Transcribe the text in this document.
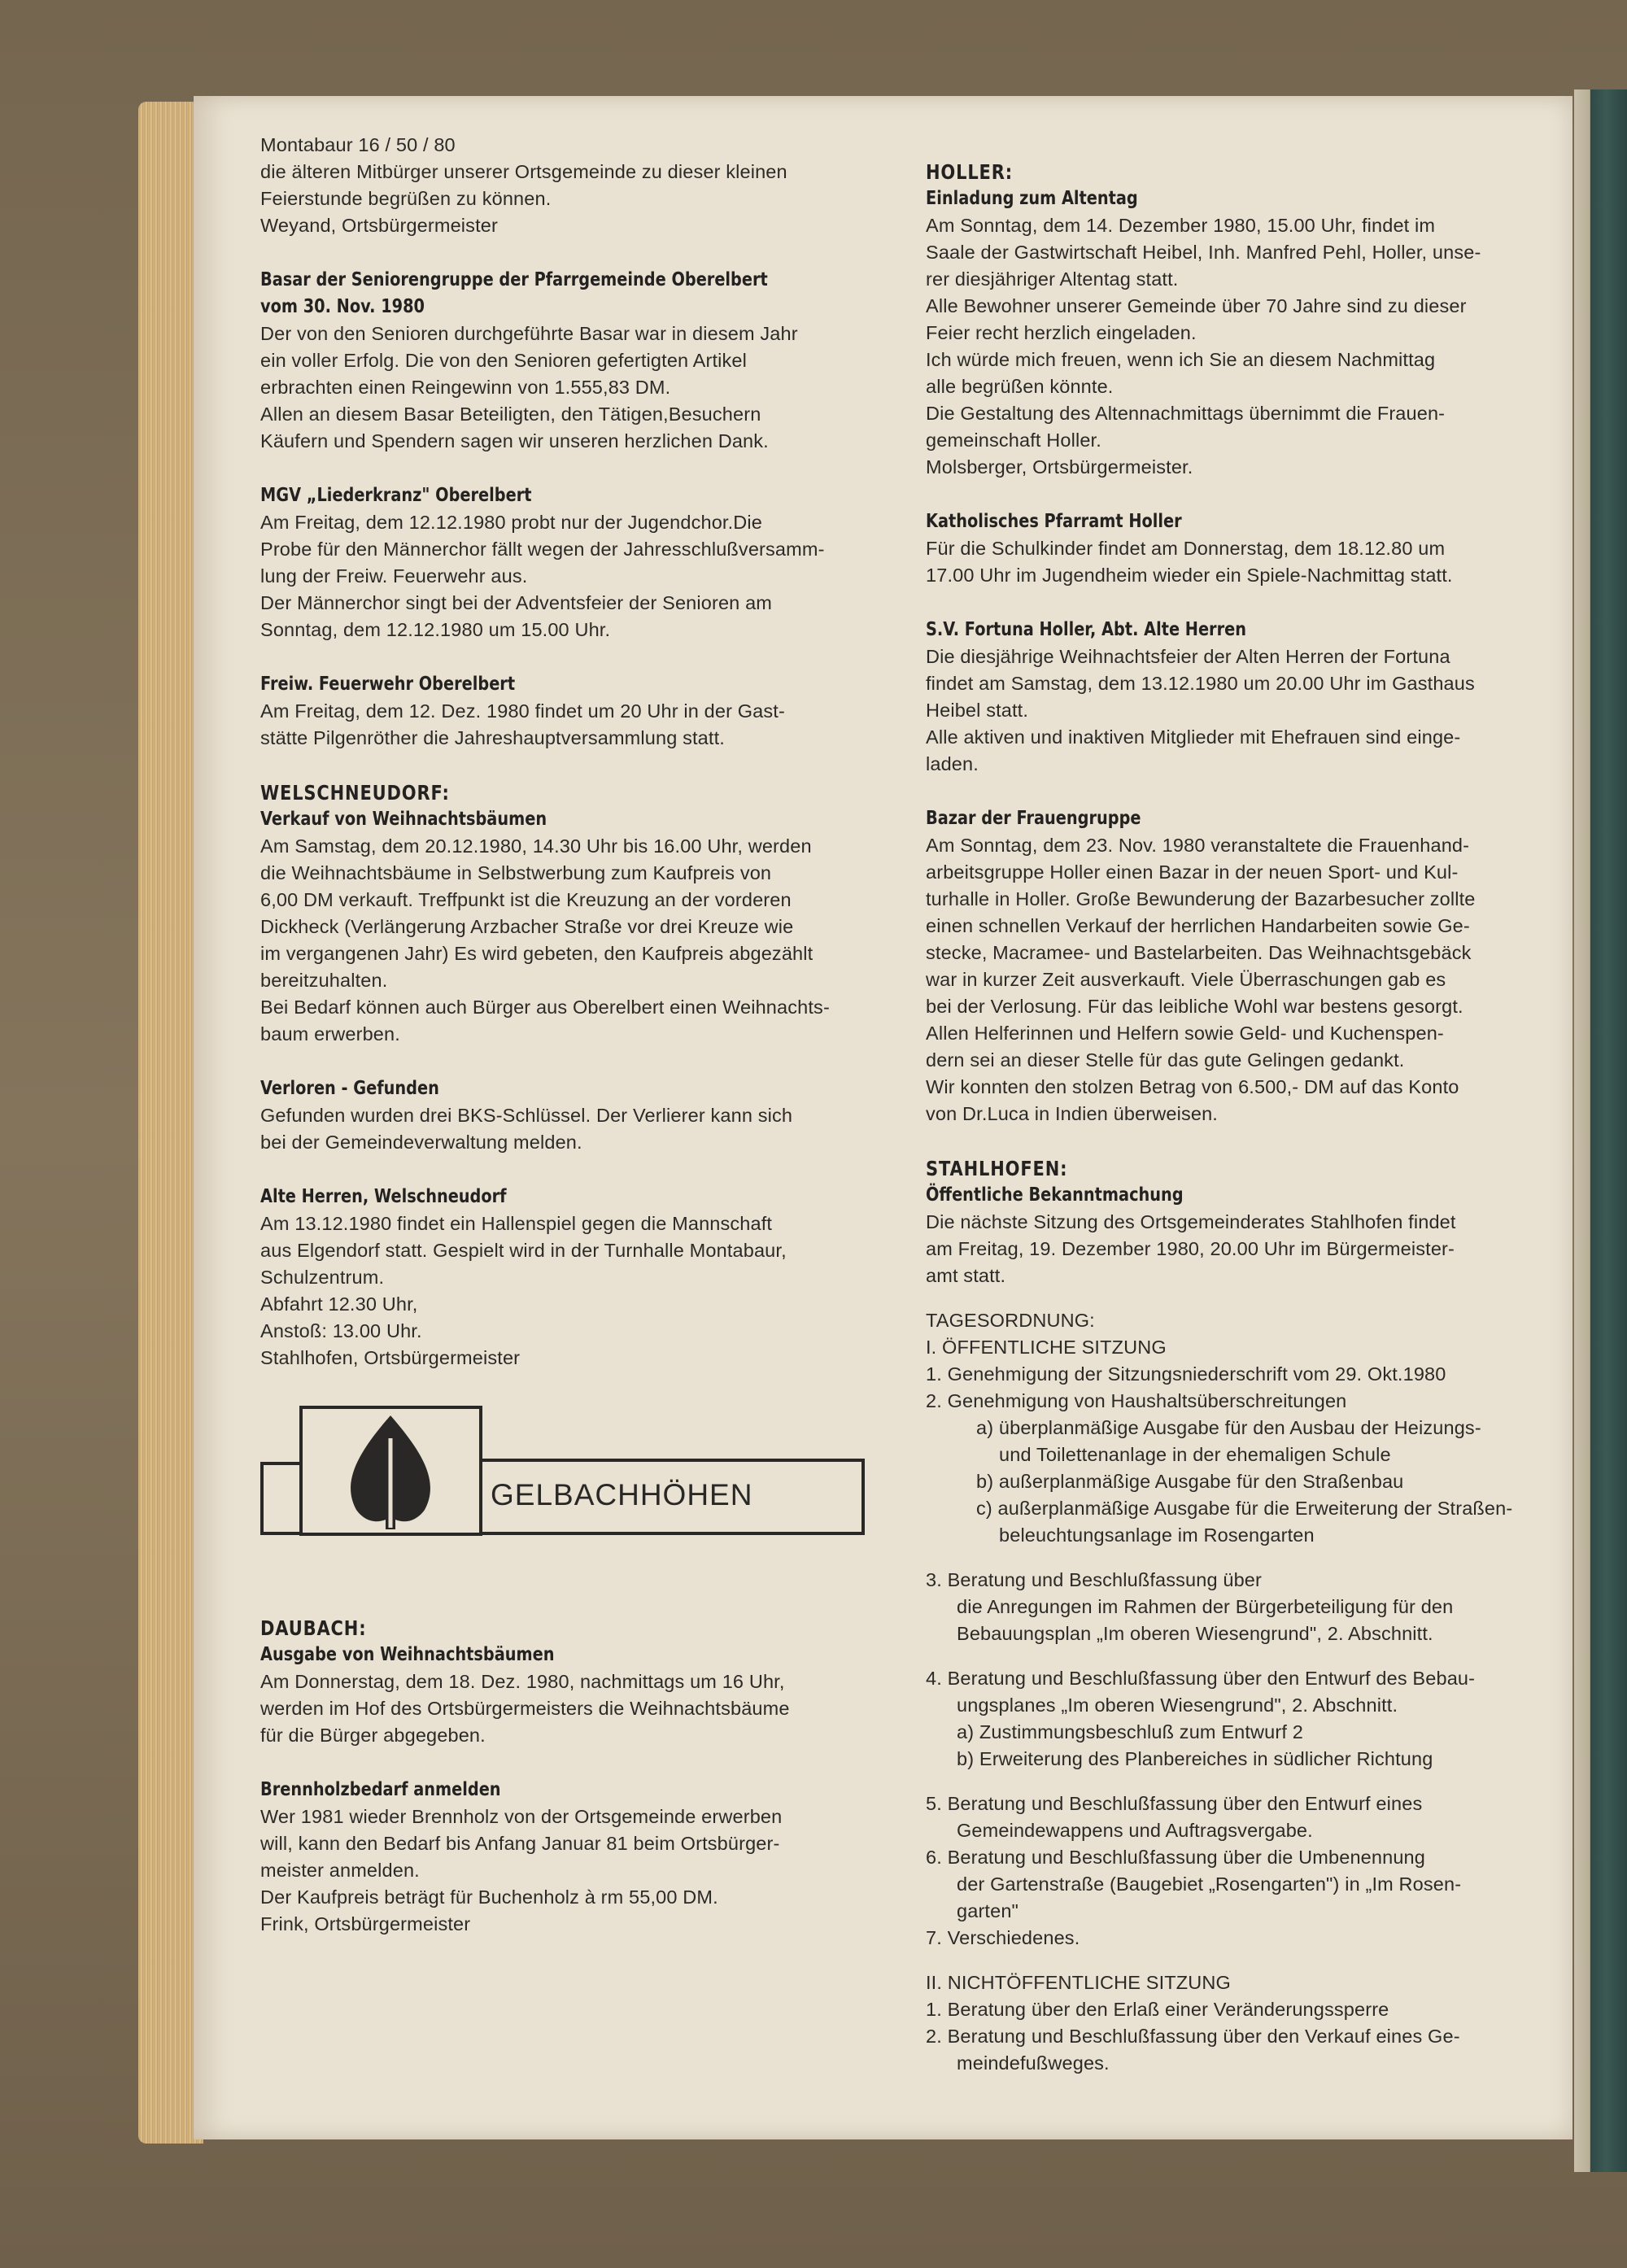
Montabaur 16 / 50 / 80

die älteren Mitbürger unserer Ortsgemeinde zu dieser kleinen

Feierstunde begrüßen zu können.

Weyand, Ortsbürgermeister

Basar der Seniorengruppe der Pfarrgemeinde Oberelbert

vom 30. Nov. 1980

Der von den Senioren durchgeführte Basar war in diesem Jahr

ein voller Erfolg. Die von den Senioren gefertigten Artikel

erbrachten einen Reingewinn von 1.555,83 DM.

Allen an diesem Basar Beteiligten, den Tätigen,Besuchern

Käufern und Spendern sagen wir unseren herzlichen Dank.

MGV „Liederkranz" Oberelbert

Am Freitag, dem 12.12.1980 probt nur der Jugendchor.Die

Probe für den Männerchor fällt wegen der Jahresschlußversamm-

lung der Freiw. Feuerwehr aus.

Der Männerchor singt bei der Adventsfeier der Senioren am

Sonntag, dem 12.12.1980 um 15.00 Uhr.

Freiw. Feuerwehr Oberelbert

Am Freitag, dem 12. Dez. 1980 findet um 20 Uhr in der Gast-

stätte Pilgenröther die Jahreshauptversammlung statt.

WELSCHNEUDORF:

Verkauf von Weihnachtsbäumen

Am Samstag, dem 20.12.1980, 14.30 Uhr bis 16.00 Uhr, werden

die Weihnachtsbäume in Selbstwerbung zum Kaufpreis von

6,00 DM verkauft. Treffpunkt ist die Kreuzung an der vorderen

Dickheck (Verlängerung Arzbacher Straße vor drei Kreuze wie

im vergangenen Jahr) Es wird gebeten, den Kaufpreis abgezählt

bereitzuhalten.

Bei Bedarf können auch Bürger aus Oberelbert einen Weihnachts-

baum erwerben.

Verloren - Gefunden

Gefunden wurden drei BKS-Schlüssel. Der Verlierer kann sich

bei der Gemeindeverwaltung melden.

Alte Herren, Welschneudorf

Am 13.12.1980 findet ein Hallenspiel gegen die Mannschaft

aus Elgendorf statt. Gespielt wird in der Turnhalle Montabaur,

Schulzentrum.

Abfahrt 12.30 Uhr,

Anstoß: 13.00 Uhr.

Stahlhofen, Ortsbürgermeister

GELBACHHÖHEN

DAUBACH:

Ausgabe von Weihnachtsbäumen

Am Donnerstag, dem 18. Dez. 1980, nachmittags um 16 Uhr,

werden im Hof des Ortsbürgermeisters die Weihnachtsbäume

für die Bürger abgegeben.

Brennholzbedarf anmelden

Wer 1981 wieder Brennholz von der Ortsgemeinde erwerben

will, kann den Bedarf bis Anfang Januar 81 beim Ortsbürger-

meister anmelden.

Der Kaufpreis beträgt für Buchenholz à rm 55,00 DM.

Frink, Ortsbürgermeister

HOLLER:

Einladung zum Altentag

Am Sonntag, dem 14. Dezember 1980, 15.00 Uhr, findet im

Saale der Gastwirtschaft Heibel, Inh. Manfred Pehl, Holler, unse-

rer diesjähriger Altentag statt.

Alle Bewohner unserer Gemeinde über 70 Jahre sind zu dieser

Feier recht herzlich eingeladen.

Ich würde mich freuen, wenn ich Sie an diesem Nachmittag

alle begrüßen könnte.

Die Gestaltung des Altennachmittags übernimmt die Frauen-

gemeinschaft Holler.

Molsberger, Ortsbürgermeister.

Katholisches Pfarramt Holler

Für die Schulkinder findet am Donnerstag, dem 18.12.80 um

17.00 Uhr im Jugendheim wieder ein Spiele-Nachmittag statt.

S.V. Fortuna Holler, Abt. Alte Herren

Die diesjährige Weihnachtsfeier der Alten Herren der Fortuna

findet am Samstag, dem 13.12.1980 um 20.00 Uhr im Gasthaus

Heibel statt.

Alle aktiven und inaktiven Mitglieder mit Ehefrauen sind einge-

laden.

Bazar der Frauengruppe

Am Sonntag, dem 23. Nov. 1980 veranstaltete die Frauenhand-

arbeitsgruppe Holler einen Bazar in der neuen Sport- und Kul-

turhalle in Holler. Große Bewunderung der Bazarbesucher zollte

einen schnellen Verkauf der herrlichen Handarbeiten sowie Ge-

stecke, Macramee- und Bastelarbeiten. Das Weihnachtsgebäck

war in kurzer Zeit ausverkauft. Viele Überraschungen gab es

bei der Verlosung. Für das leibliche Wohl war bestens gesorgt.

Allen Helferinnen und Helfern sowie Geld- und Kuchenspen-

dern sei an dieser Stelle für das gute Gelingen gedankt.

Wir konnten den stolzen Betrag von 6.500,- DM auf das Konto

von Dr.Luca in Indien überweisen.

STAHLHOFEN:

Öffentliche Bekanntmachung

Die nächste Sitzung des Ortsgemeinderates Stahlhofen findet

am Freitag, 19. Dezember 1980, 20.00 Uhr im Bürgermeister-

amt statt.

TAGESORDNUNG:

I. ÖFFENTLICHE SITZUNG

1. Genehmigung der Sitzungsniederschrift vom 29. Okt.1980

2. Genehmigung von Haushaltsüberschreitungen

a) überplanmäßige Ausgabe für den Ausbau der Heizungs-

und Toilettenanlage in der ehemaligen Schule

b) außerplanmäßige Ausgabe für den Straßenbau

c) außerplanmäßige Ausgabe für die Erweiterung der Straßen-

beleuchtungsanlage im Rosengarten

3. Beratung und Beschlußfassung über

die Anregungen im Rahmen der Bürgerbeteiligung für den

Bebauungsplan „Im oberen Wiesengrund", 2. Abschnitt.

4. Beratung und Beschlußfassung über den Entwurf des Bebau-

ungsplanes „Im oberen Wiesengrund", 2. Abschnitt.

a) Zustimmungsbeschluß zum Entwurf 2

b) Erweiterung des Planbereiches in südlicher Richtung

5. Beratung und Beschlußfassung über den Entwurf eines

Gemeindewappens und Auftragsvergabe.

6. Beratung und Beschlußfassung über die Umbenennung

der Gartenstraße (Baugebiet „Rosengarten") in „Im Rosen-

garten"

7. Verschiedenes.

II. NICHTÖFFENTLICHE SITZUNG

1. Beratung über den Erlaß einer Veränderungssperre

2. Beratung und Beschlußfassung über den Verkauf eines Ge-

meindefußweges.
